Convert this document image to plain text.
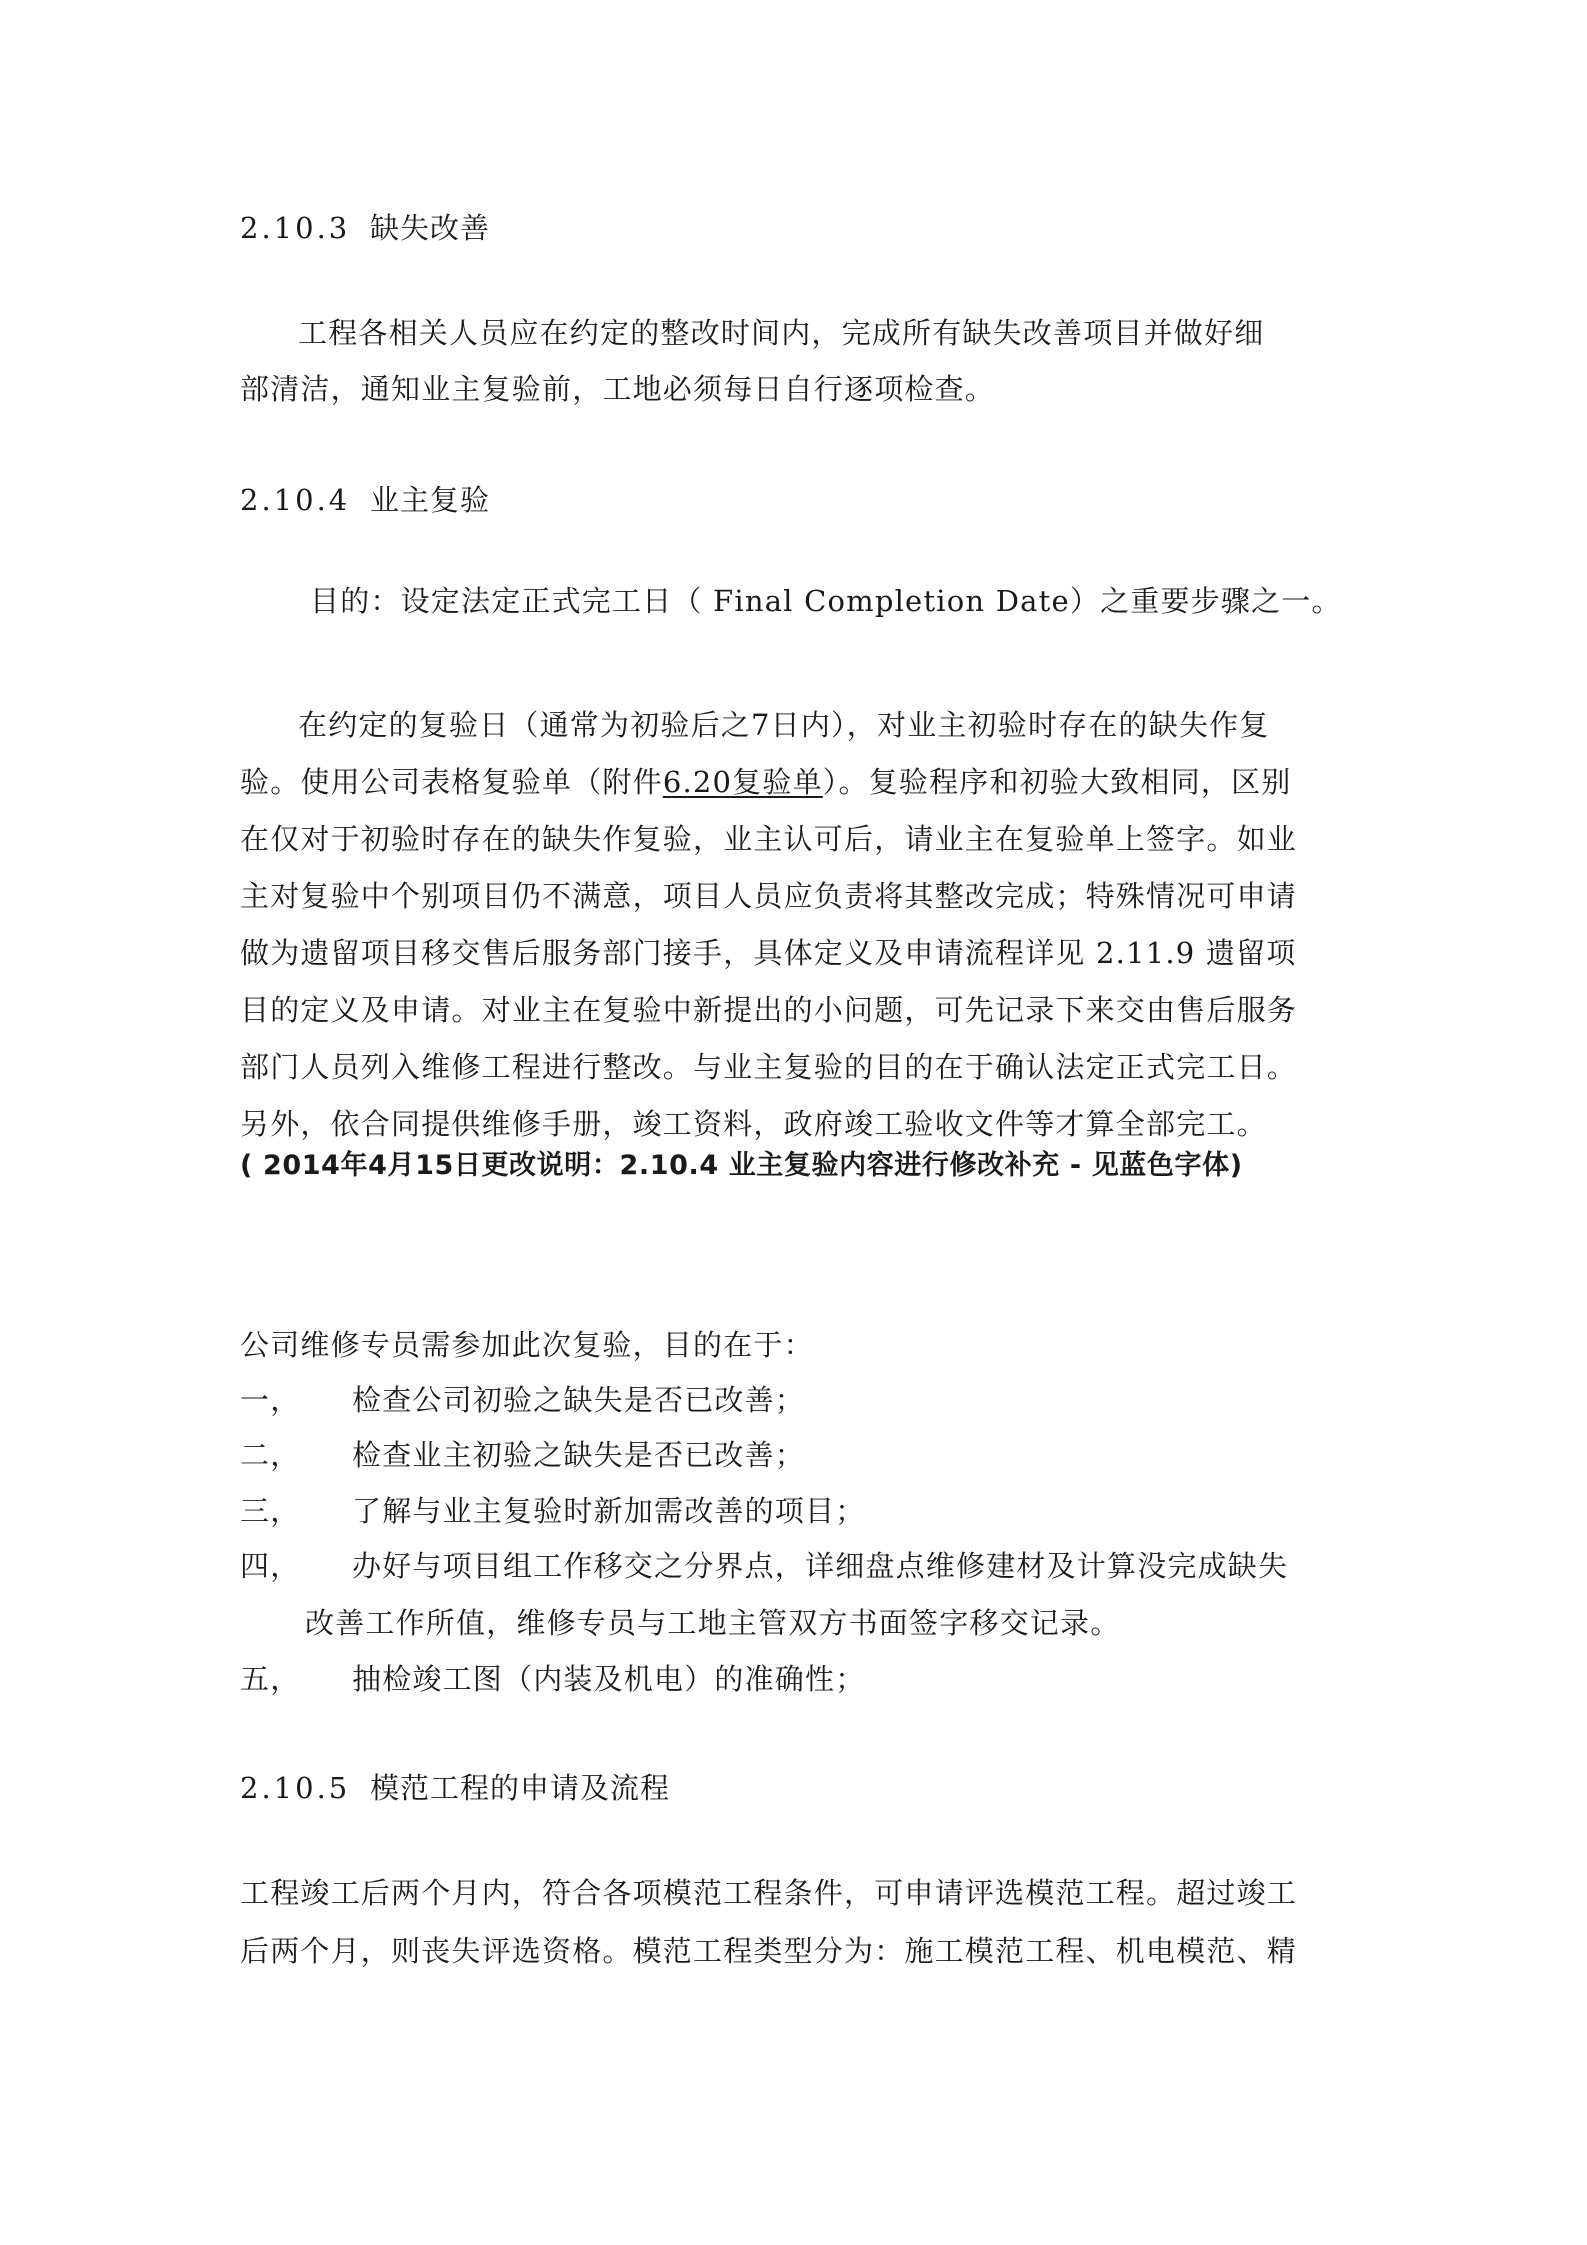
2.10.3 缺失改善
工程各相关人员应在约定的整改时间内，完成所有缺失改善项目并做好细
部清洁，通知业主复验前，工地必须每日自行逐项检查。
2.10.4 业主复验
目的：设定法定正式完工日（ Final Completion Date）之重要步骤之一。
在约定的复验日（通常为初验后之7日内），对业主初验时存在的缺失作复
验。使用公司表格复验单（附件6.20复验单）。复验程序和初验大致相同，区别
在仅对于初验时存在的缺失作复验，业主认可后，请业主在复验单上签字。如业
主对复验中个别项目仍不满意，项目人员应负责将其整改完成；特殊情况可申请
做为遗留项目移交售后服务部门接手，具体定义及申请流程详见 2.11.9 遗留项
目的定义及申请。对业主在复验中新提出的小问题，可先记录下来交由售后服务
部门人员列入维修工程进行整改。与业主复验的目的在于确认法定正式完工日。
另外，依合同提供维修手册，竣工资料，政府竣工验收文件等才算全部完工。
( 2014年4月15日更改说明：2.10.4 业主复验内容进行修改补充 - 见蓝色字体)
公司维修专员需参加此次复验，目的在于：
一， 检查公司初验之缺失是否已改善；
二， 检查业主初验之缺失是否已改善；
三， 了解与业主复验时新加需改善的项目；
四， 办好与项目组工作移交之分界点，详细盘点维修建材及计算没完成缺失
改善工作所值，维修专员与工地主管双方书面签字移交记录。
五， 抽检竣工图（内装及机电）的准确性；
2.10.5 模范工程的申请及流程
工程竣工后两个月内，符合各项模范工程条件，可申请评选模范工程。超过竣工
后两个月，则丧失评选资格。模范工程类型分为：施工模范工程、机电模范、精
